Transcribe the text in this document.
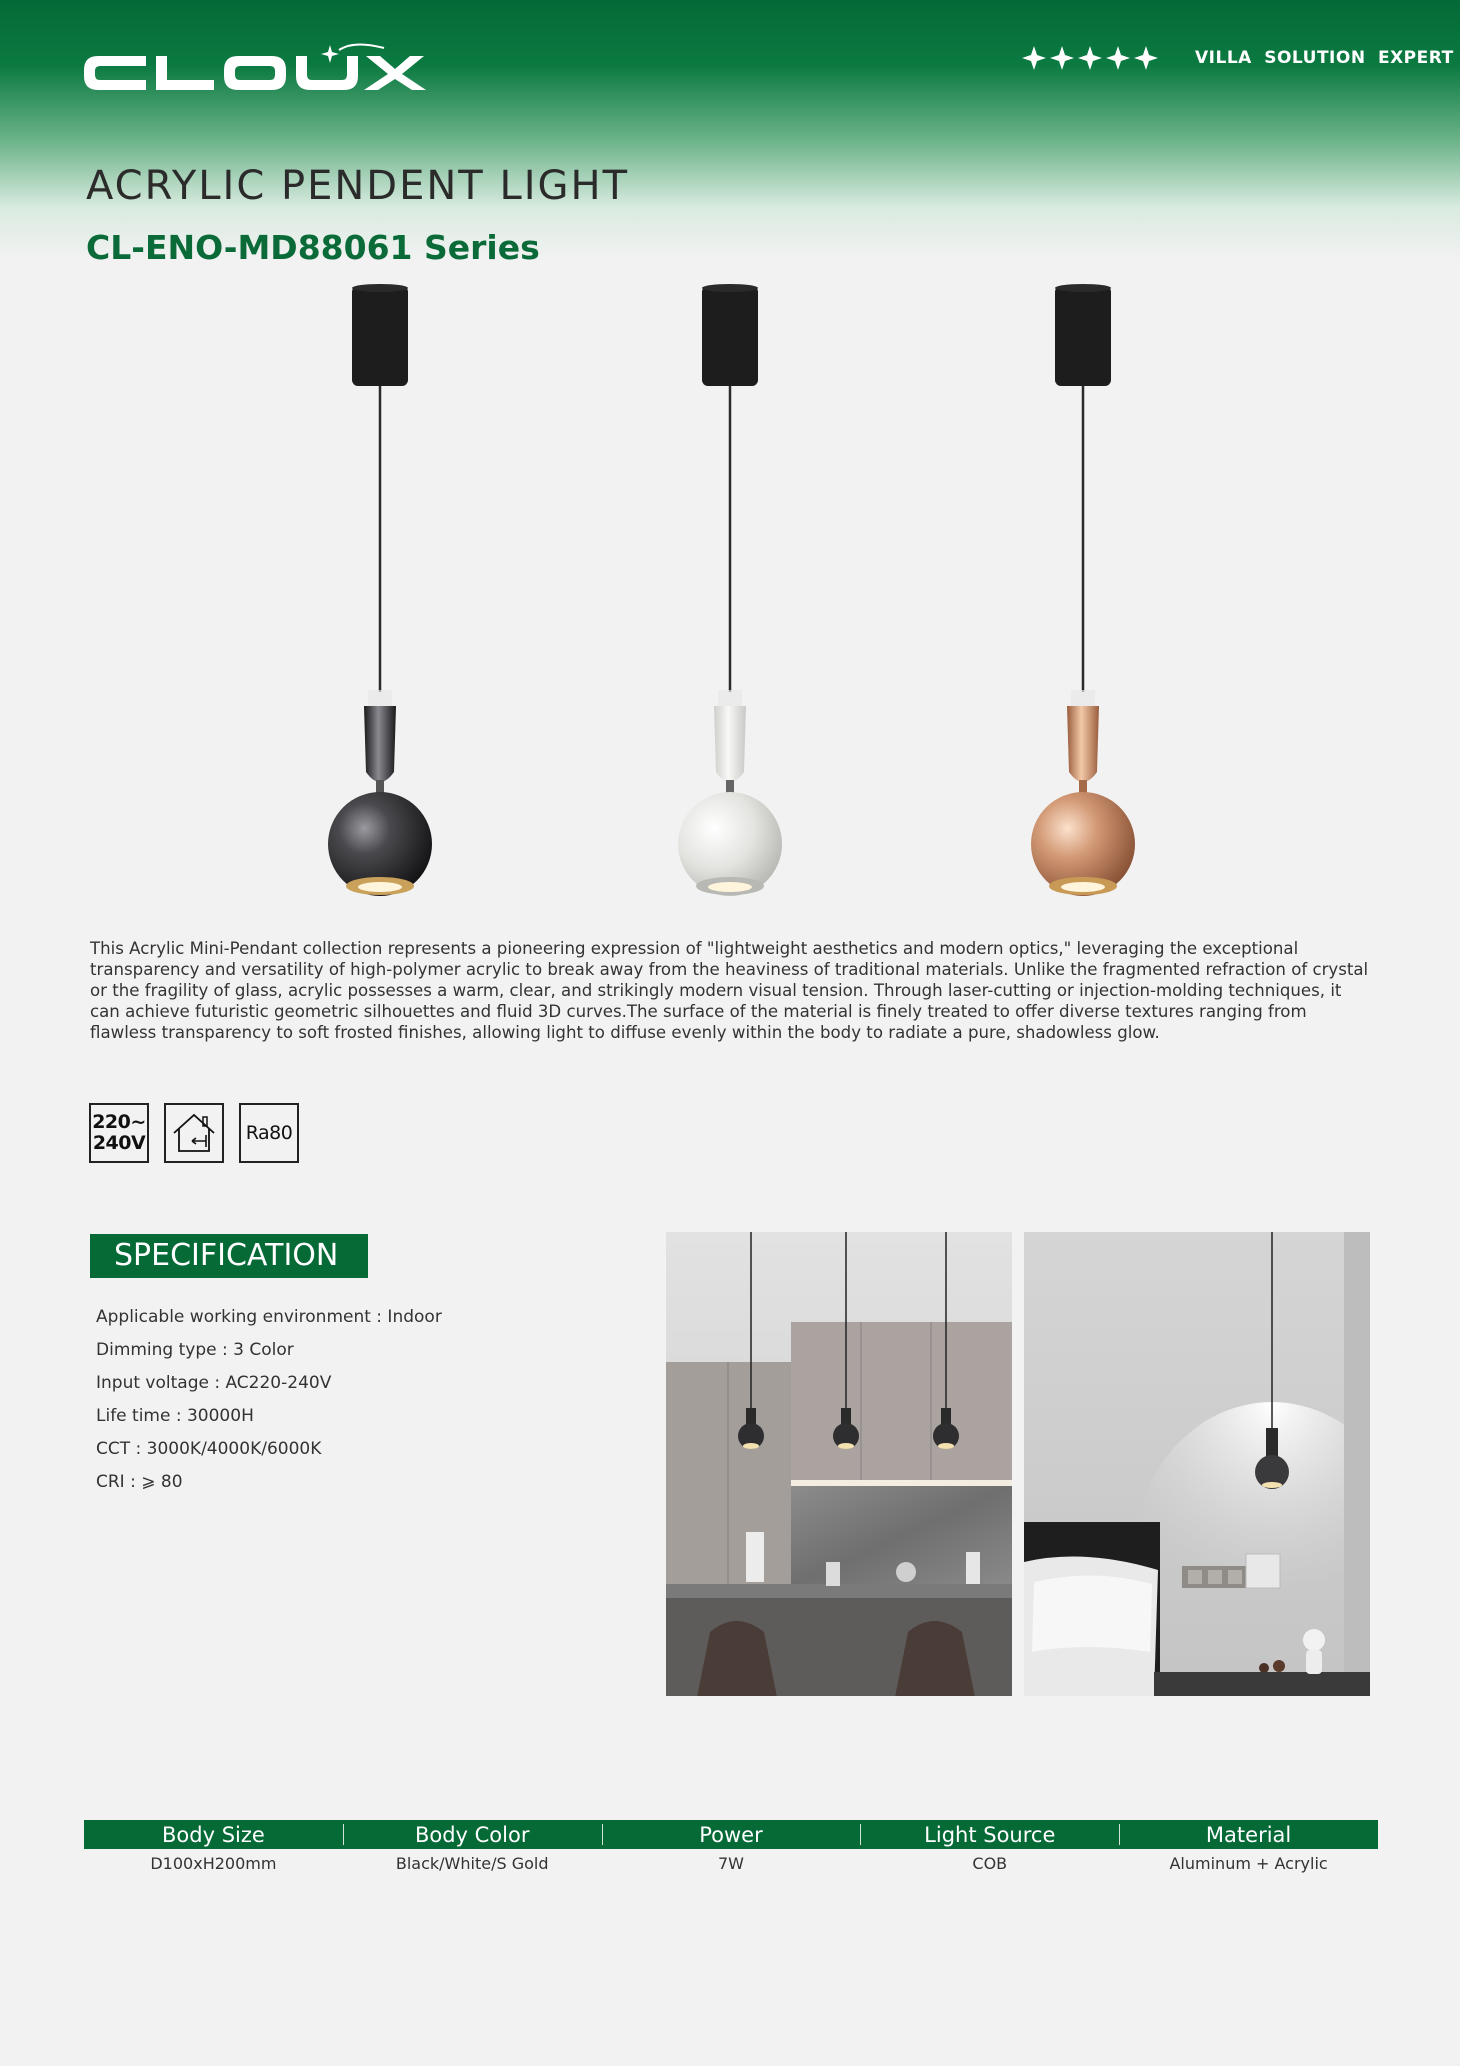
VILLA SOLUTION EXPERT
ACRYLIC PENDENT LIGHT
CL-ENO-MD88061 Series

This Acrylic Mini-Pendant collection represents a pioneering expression of "lightweight aesthetics and modern optics," leveraging the exceptional transparency and versatility of high-polymer acrylic to break away from the heaviness of traditional materials. Unlike the fragmented refraction of crystal or the fragility of glass, acrylic possesses a warm, clear, and strikingly modern visual tension. Through laser-cutting or injection-molding techniques, it can achieve futuristic geometric silhouettes and fluid 3D curves.The surface of the material is finely treated to offer diverse textures ranging from flawless transparency to soft frosted finishes, allowing light to diffuse evenly within the body to radiate a pure, shadowless glow.

220~
240V	Ra80
SPECIFICATION
Applicable working environment : Indoor
Dimming type : 3 Color
Input voltage : AC220-240V
Life time : 30000H
CCT : 3000K/4000K/6000K
CRI : ⩾ 80
Body Size	Body Color	Power	Light Source	Material
D100xH200mm	Black/White/S Gold	7W	COB	Aluminum + Acrylic
